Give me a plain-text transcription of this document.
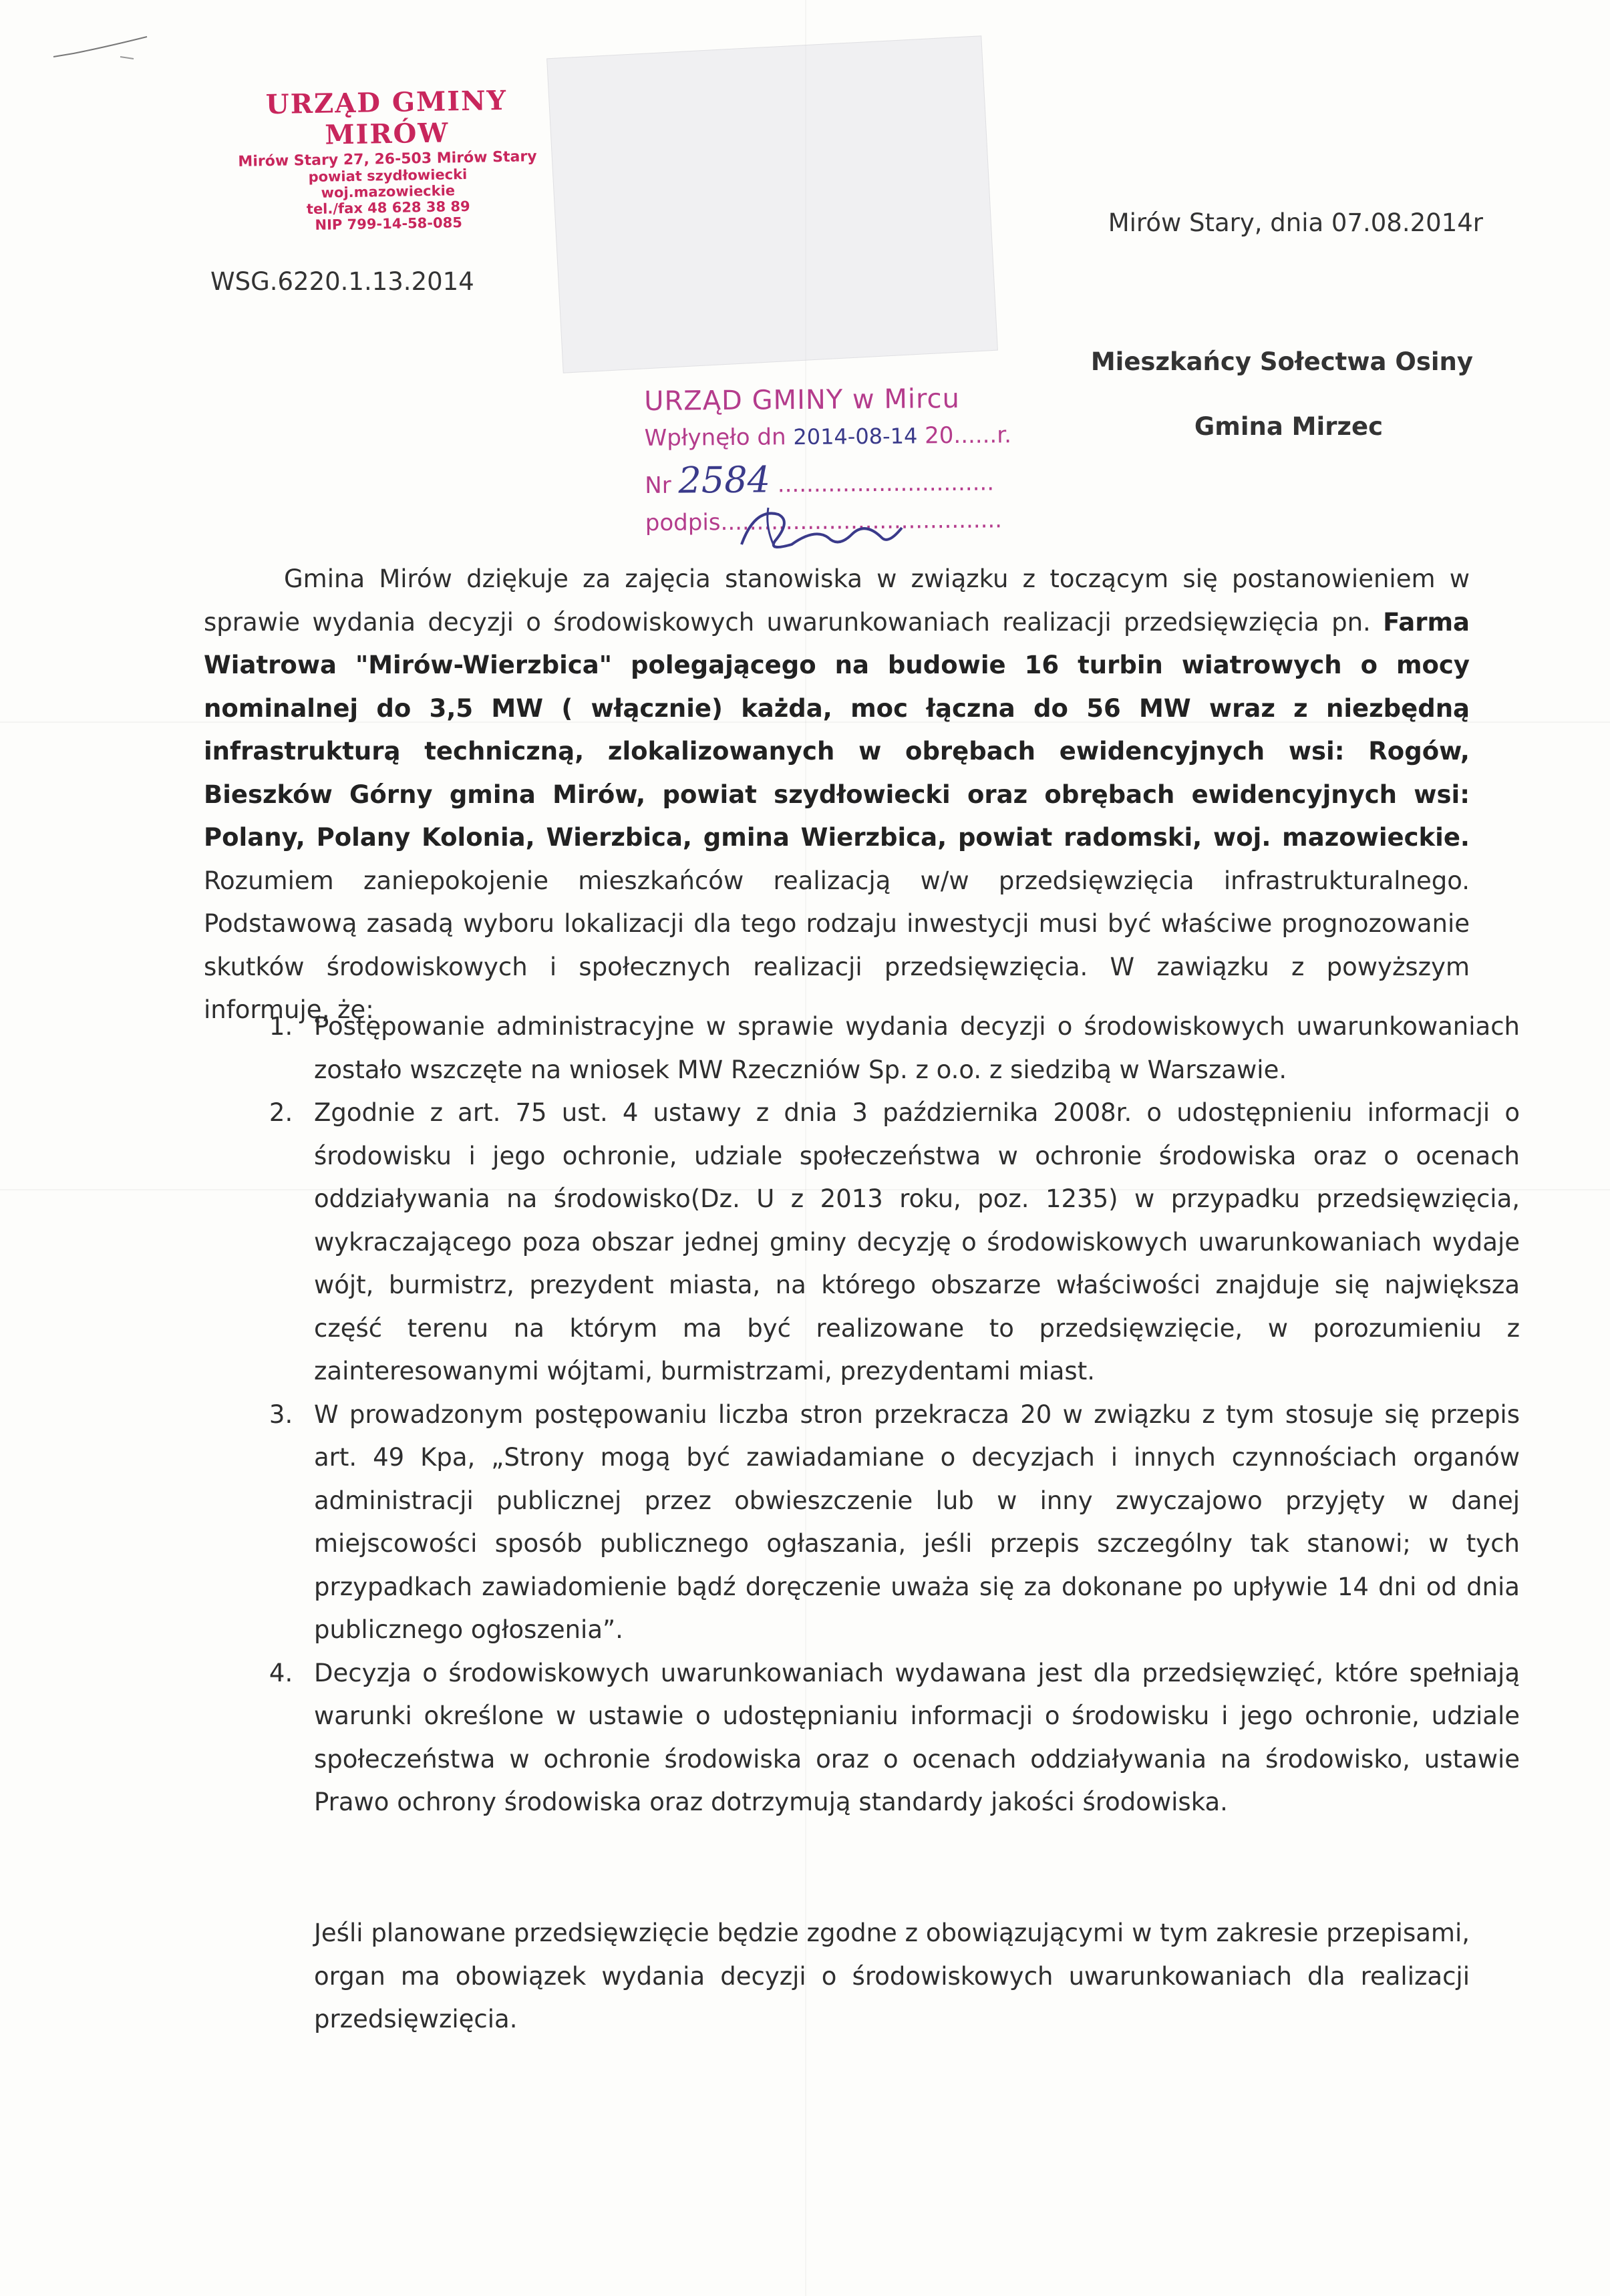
URZĄD GMINY MIRÓW
Mirów Stary 27, 26-503 Mirów Stary
powiat szydłowiecki
woj.mazowieckie
tel./fax 48 628 38 89
NIP 799-14-58-085	Mirów Stary, dnia 07.08.2014r
WSG.6220.1.13.2014
Mieszkańcy Sołectwa Osiny
Gmina Mirzec
URZĄD GMINY w Mircu
Wpłynęło dn 2014-08-14 20......r.
Nr 2584 ..............................
podpis.......................................

Gmina Mirów dziękuje za zajęcia stanowiska w związku z toczącym się postanowieniem w sprawie wydania decyzji o środowiskowych uwarunkowaniach realizacji przedsięwzięcia pn. Farma Wiatrowa "Mirów-Wierzbica" polegającego na budowie 16 turbin wiatrowych o mocy nominalnej do 3,5 MW ( włącznie) każda, moc łączna do 56 MW wraz z niezbędną infrastrukturą techniczną, zlokalizowanych w obrębach ewidencyjnych wsi: Rogów, Bieszków Górny gmina Mirów, powiat szydłowiecki oraz obrębach ewidencyjnych wsi: Polany, Polany Kolonia, Wierzbica, gmina Wierzbica, powiat radomski, woj. mazowieckie. Rozumiem zaniepokojenie mieszkańców realizacją w/w przedsięwzięcia infrastrukturalnego. Podstawową zasadą wyboru lokalizacji dla tego rodzaju inwestycji musi być właściwe prognozowanie skutków środowiskowych i społecznych realizacji przedsięwzięcia. W zawiązku z powyższym informuję, że:

1. Postępowanie administracyjne w sprawie wydania decyzji o środowiskowych uwarunkowaniach zostało wszczęte na wniosek MW Rzeczniów Sp. z o.o. z siedzibą w Warszawie.
2. Zgodnie z art. 75 ust. 4 ustawy z dnia 3 października 2008r. o udostępnieniu informacji o środowisku i jego ochronie, udziale społeczeństwa w ochronie środowiska oraz o ocenach oddziaływania na środowisko(Dz. U z 2013 roku, poz. 1235) w przypadku przedsięwzięcia, wykraczającego poza obszar jednej gminy decyzję o środowiskowych uwarunkowaniach wydaje wójt, burmistrz, prezydent miasta, na którego obszarze właściwości znajduje się największa część terenu na którym ma być realizowane to przedsięwzięcie, w porozumieniu z zainteresowanymi wójtami, burmistrzami, prezydentami miast.
3. W prowadzonym postępowaniu liczba stron przekracza 20 w związku z tym stosuje się przepis art. 49 Kpa, „Strony mogą być zawiadamiane o decyzjach i innych czynnościach organów administracji publicznej przez obwieszczenie lub w inny zwyczajowo przyjęty w danej miejscowości sposób publicznego ogłaszania, jeśli przepis szczególny tak stanowi; w tych przypadkach zawiadomienie bądź doręczenie uważa się za dokonane po upływie 14 dni od dnia publicznego ogłoszenia”.
4. Decyzja o środowiskowych uwarunkowaniach wydawana jest dla przedsięwzięć, które spełniają warunki określone w ustawie o udostępnianiu informacji o środowisku i jego ochronie, udziale społeczeństwa w ochronie środowiska oraz o ocenach oddziaływania na środowisko, ustawie Prawo ochrony środowiska oraz dotrzymują standardy jakości środowiska.
Jeśli planowane przedsięwzięcie będzie zgodne z obowiązującymi w tym zakresie przepisami, organ ma obowiązek wydania decyzji o środowiskowych uwarunkowaniach dla realizacji przedsięwzięcia.
